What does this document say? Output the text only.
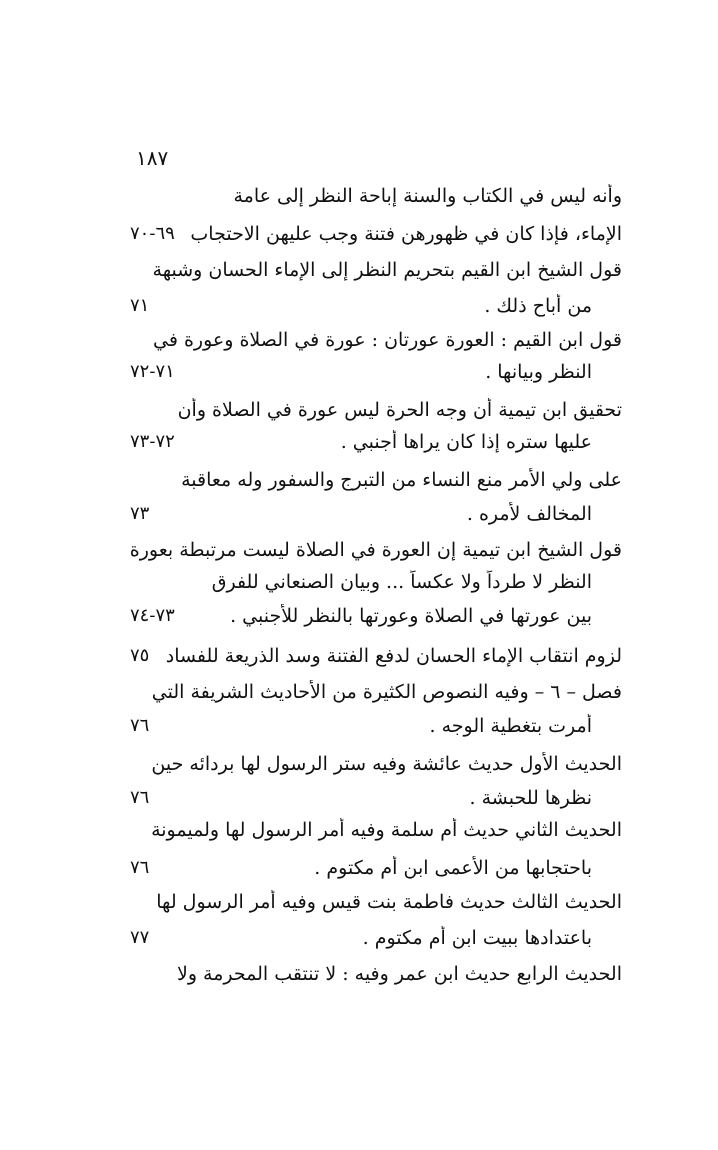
١٨٧
وأنه ليس في الكتاب والسنة إباحة النظر إلى عامة
الإماء، فإذا كان في ظهورهن فتنة وجب عليهن الاحتجاب
٦٩-٧٠
قول الشيخ ابن القيم بتحريم النظر إلى الإماء الحسان وشبهة
من أباح ذلك .
٧١
قول ابن القيم : العورة عورتان : عورة في الصلاة وعورة في
النظر وبيانها .
٧١-٧٢
تحقيق ابن تيمية أن وجه الحرة ليس عورة في الصلاة وأن
عليها ستره إذا كان يراها أجنبي .
٧٢-٧٣
على ولي الأمر منع النساء من التبرج والسفور وله معاقبة
المخالف لأمره .
٧٣
قول الشيخ ابن تيمية إن العورة في الصلاة ليست مرتبطة بعورة
النظر لا طرداً ولا عكساً ... وبيان الصنعاني للفرق
بين عورتها في الصلاة وعورتها بالنظر للأجنبي .
٧٣-٧٤
لزوم انتقاب الإماء الحسان لدفع الفتنة وسد الذريعة للفساد
٧٥
فصل – ٦ – وفيه النصوص الكثيرة من الأحاديث الشريفة التي
أمرت بتغطية الوجه .
٧٦
الحديث الأول حديث عائشة وفيه ستر الرسول لها بردائه حين
نظرها للحبشة .
٧٦
الحديث الثاني حديث أم سلمة وفيه أمر الرسول لها ولميمونة
باحتجابها من الأعمى ابن أم مكتوم .
٧٦
الحديث الثالث حديث فاطمة بنت قيس وفيه أمر الرسول لها
باعتدادها ببيت ابن أم مكتوم .
٧٧
الحديث الرابع حديث ابن عمر وفيه : لا تنتقب المحرمة ولا
